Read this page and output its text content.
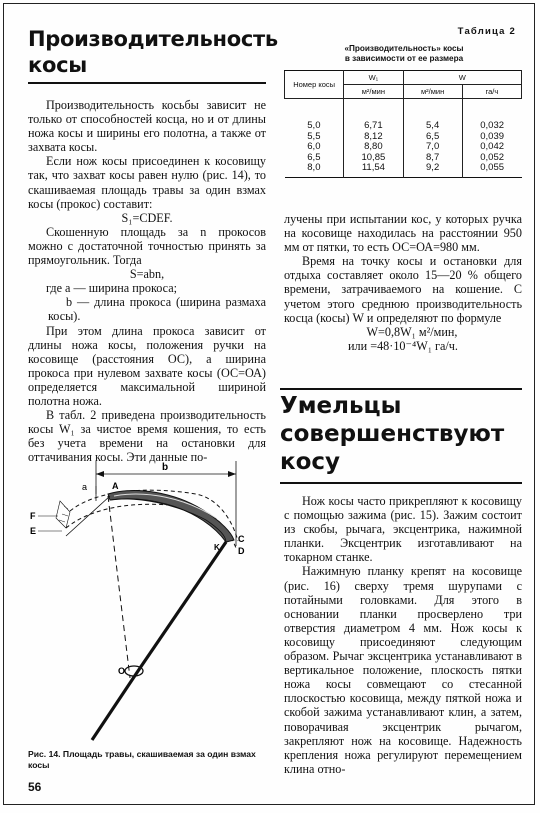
Производительность
косы

Производительность косьбы зависит не только от способностей косца, но и от длины ножа косы и ширины его полотна, а также от захвата косы.

Если нож косы присоединен к косовищу так, что захват косы равен нулю (рис. 14), то скашиваемая площадь травы за один взмах косы (прокос) составит:

S₁=CDEF.

Скошенную площадь за n прокосов можно с достаточной точностью принять за прямоугольник. Тогда

S=abn,

где a — ширина прокоса;

b — длина прокоса (ширина размаха косы).

При этом длина прокоса зависит от длины ножа косы, положения ручки на косовище (расстояния ОС), а ширина прокоса при нулевом захвате косы (ОС=ОА) определяется максимальной шириной полотна ножа.

В табл. 2 приведена производительность косы W₁ за чистое время кошения, то есть без учета времени на остановки для оттачивания косы. Эти данные по-

Таблица 2
«Производительность» косы
в зависимости от ее размера
Номер косы	W₁	W	
	м²/мин	м²/мин	га/ч
5,0	6,71	5,4	0,032
5,5	8,12	6,5	0,039
6,0	8,80	7,0	0,042
6,5	10,85	8,7	0,052
8,0	11,54	9,2	0,055

лучены при испытании кос, у которых ручка на косовище находилась на расстоянии 950 мм от пятки, то есть ОС=ОА=980 мм.

Время на точку косы и остановки для отдыха составляет около 15—20 % общего времени, затрачиваемого на кошение. С учетом этого среднюю производительность косца (косы) W и определяют по формуле

W=0,8W₁ м²/мин,

или =48·10⁻⁴W₁ га/ч.

Умельцы
совершенствуют
косу

Нож косы часто прикрепляют к косовищу с помощью зажима (рис. 15). Зажим состоит из скобы, рычага, эксцентрика, нажимной планки. Эксцентрик изготавливают на токарном станке.

Нажимную планку крепят на косовище (рис. 16) сверху тремя шурупами с потайными головками. Для этого в основании планки просверлено три отверстия диаметром 4 мм. Нож косы к косовищу присоединяют следующим образом. Рычаг эксцентрика устанавливают в вертикальное положение, плоскость пятки ножа косы совмещают со стесанной плоскостью косовища, между пяткой ножа и скобой зажима устанавливают клин, а затем, поворачивая эксцентрик рычагом, закрепляют нож на косовище. Надежность крепления ножа регулируют перемещением клина отно-

b
a
F
E
A
C
D
K
O
Рис. 14. Площадь травы, скашиваемая за один взмах косы
56
